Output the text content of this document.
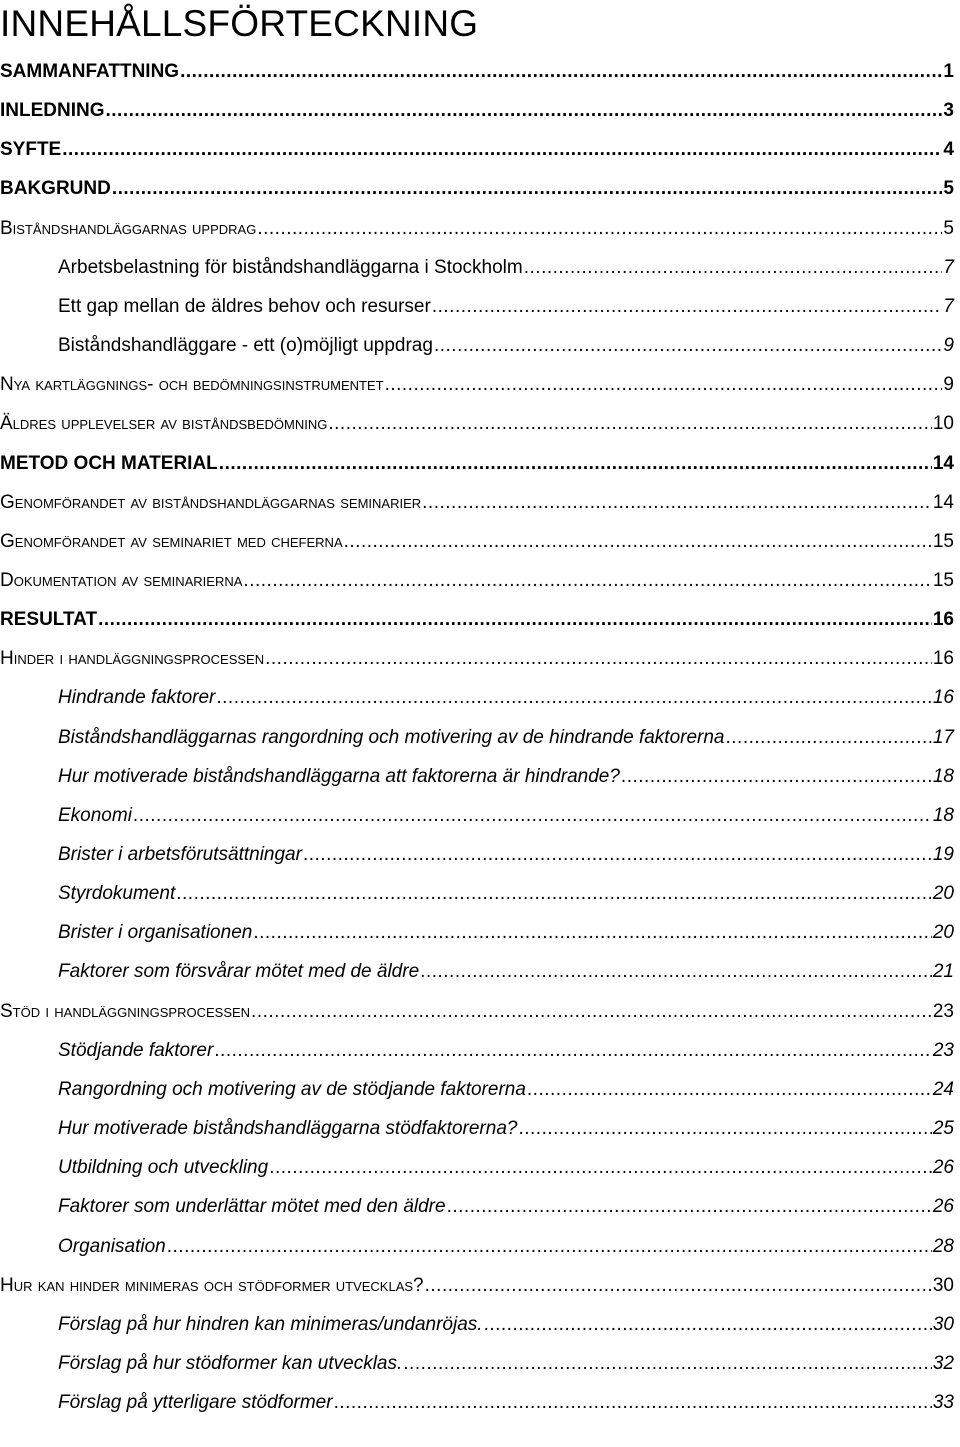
INNEHÅLLSFÖRTECKNING
SAMMANFATTNING .....	1
INLEDNING .....	3
SYFTE .....	4
BAKGRUND .....	5
Biståndshandläggarnas uppdrag .....	5
Arbetsbelastning för biståndshandläggarna i Stockholm .....	7
Ett gap mellan de äldres behov och resurser .....	7
Biståndshandläggare - ett (o)möjligt uppdrag .....	9
Nya kartläggnings- och bedömningsinstrumentet .....	9
Äldres upplevelser av biståndsbedömning .....	10
METOD OCH MATERIAL .....	14
Genomförandet av biståndshandläggarnas seminarier .....	14
Genomförandet av seminariet med cheferna .....	15
Dokumentation av seminarierna .....	15
RESULTAT .....	16
Hinder i handläggningsprocessen .....	16
Hindrande faktorer .....	16
Biståndshandläggarnas rangordning och motivering av de hindrande faktorerna .....	17
Hur motiverade biståndshandläggarna att faktorerna är hindrande? .....	18
Ekonomi .....	18
Brister i arbetsförutsättningar .....	19
Styrdokument .....	20
Brister i organisationen .....	20
Faktorer som försvårar mötet med de äldre .....	21
Stöd i handläggningsprocessen .....	23
Stödjande faktorer .....	23
Rangordning och motivering av de stödjande faktorerna .....	24
Hur motiverade biståndshandläggarna stödfaktorerna? .....	25
Utbildning och utveckling .....	26
Faktorer som underlättar mötet med den äldre .....	26
Organisation .....	28
Hur kan hinder minimeras och stödformer utvecklas? .....	30
Förslag på hur hindren kan minimeras/undanröjas. .....	30
Förslag på hur stödformer kan utvecklas. .....	32
Förslag på ytterligare stödformer .....	33
